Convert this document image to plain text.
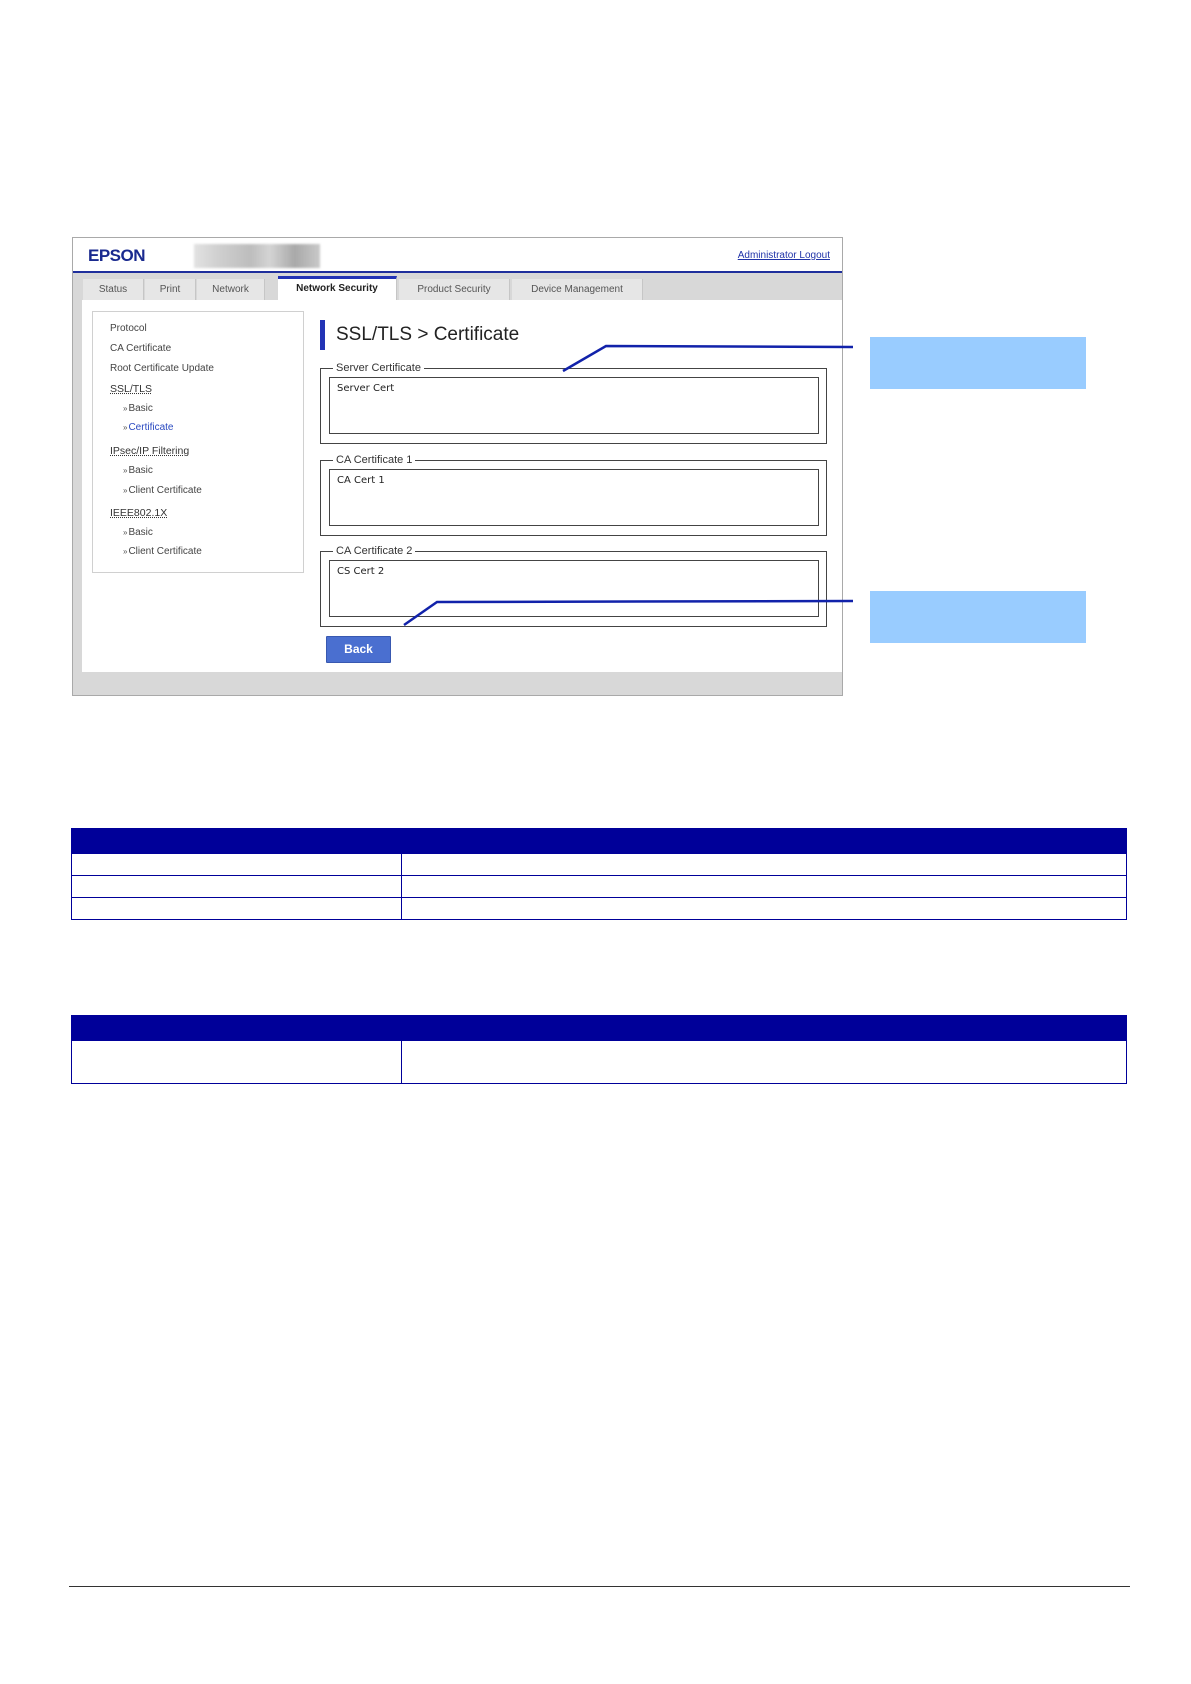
EPSON	Administrator Logout
Status	Print	Network	Network Security	Product Security	Device Management
Protocol
CA Certificate
Root Certificate Update
SSL/TLS
» Basic
» Certificate
IPsec/IP Filtering
» Basic
» Client Certificate
IEEE802.1X
» Basic
» Client Certificate
SSL/TLS > Certificate
Server Certificate
Server Cert
CA Certificate 1
CA Cert 1
CA Certificate 2
CS Cert 2
Back
